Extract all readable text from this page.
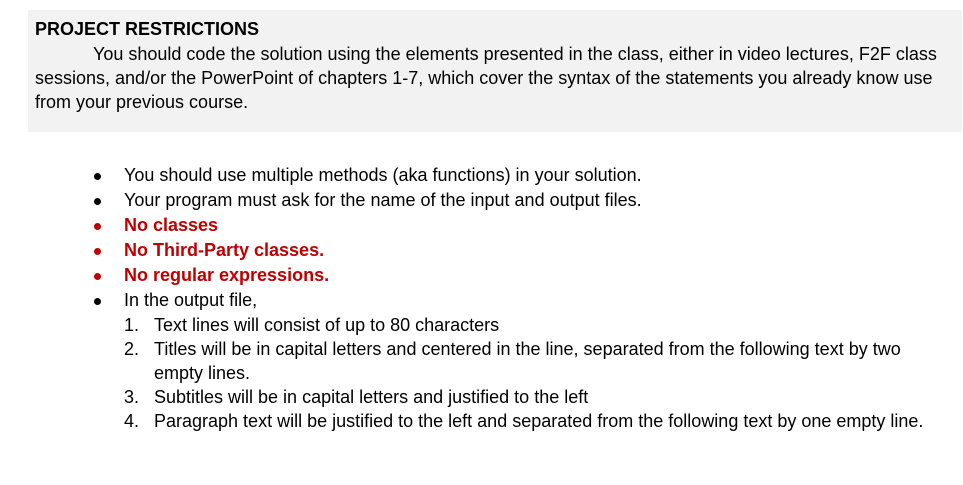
PROJECT RESTRICTIONS

You should code the solution using the elements presented in the class, either in video lectures, F2F class sessions, and/or the PowerPoint of chapters 1-7, which cover the syntax of the statements you already know use from your previous course.

You should use multiple methods (aka functions) in your solution.
Your program must ask for the name of the input and output files.
No classes
No Third-Party classes.
No regular expressions.
In the output file,
1. Text lines will consist of up to 80 characters
2. Titles will be in capital letters and centered in the line, separated from the following text by two empty lines.
3. Subtitles will be in capital letters and justified to the left
4. Paragraph text will be justified to the left and separated from the following text by one empty line.
